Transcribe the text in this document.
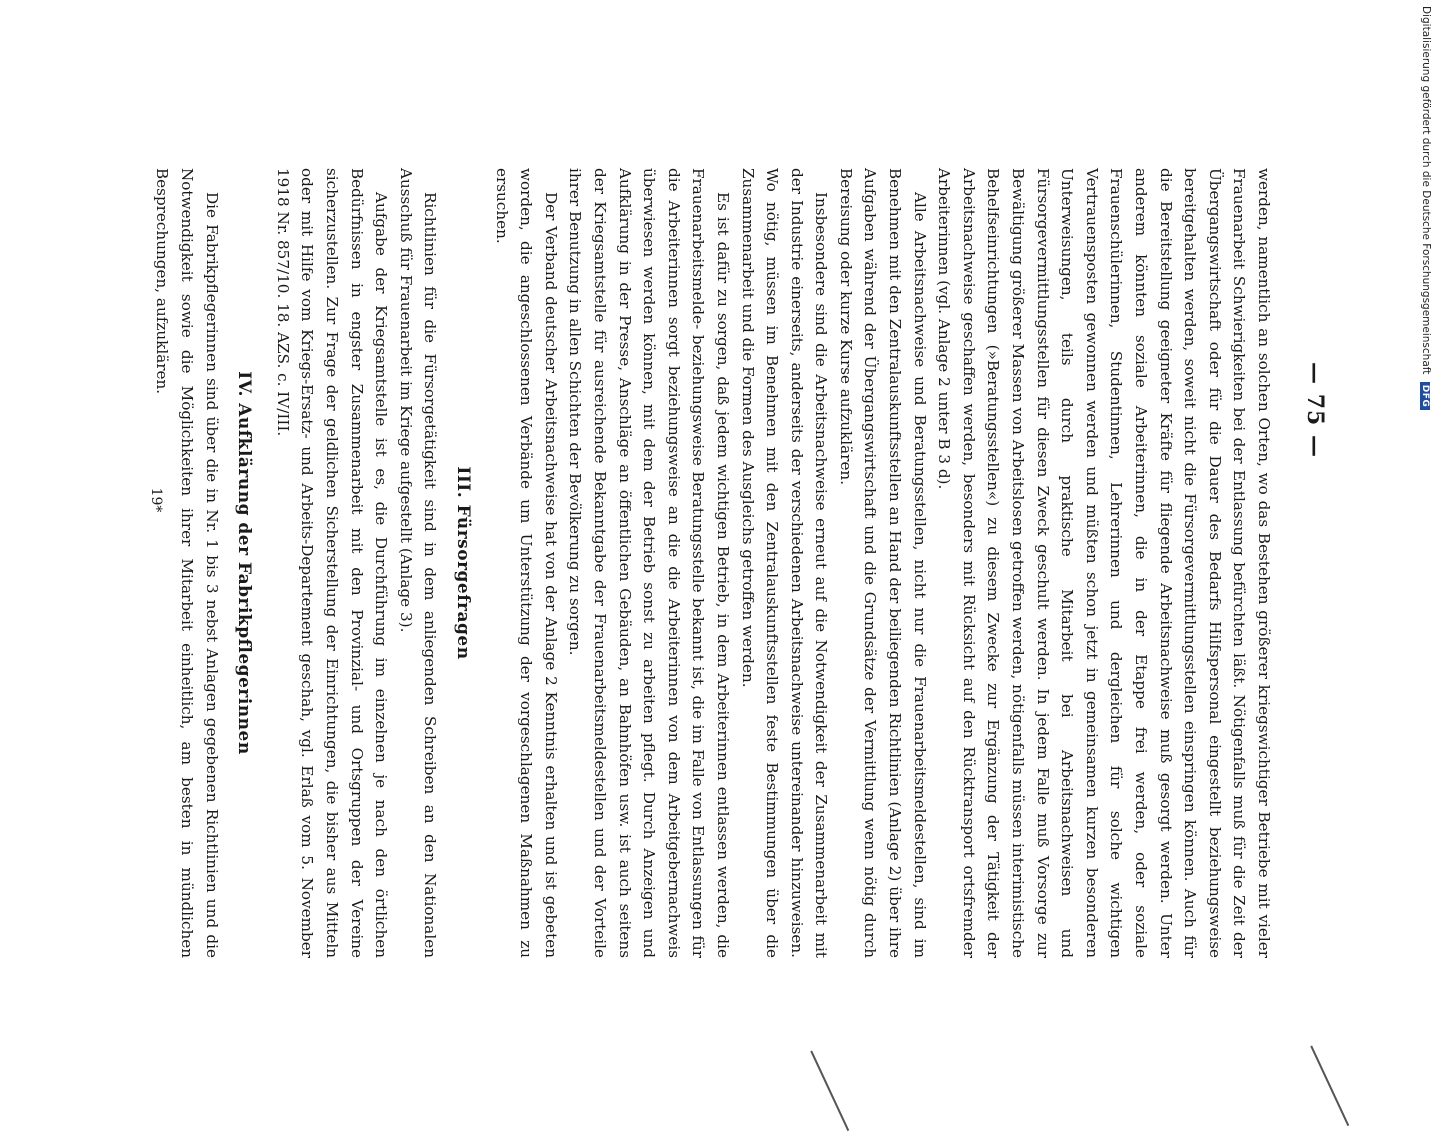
— 75 —

werden, namentlich an solchen Orten, wo das Bestehen größerer kriegswichtiger Betriebe mit vieler Frauenarbeit Schwierigkeiten bei der Entlassung befürchten läßt. Nötigenfalls muß für die Zeit der Übergangswirtschaft oder für die Dauer des Bedarfs Hilfspersonal eingestellt beziehungsweise bereitgehalten werden, soweit nicht die Fürsorgevermittlungsstellen einspringen können. Auch für die Bereitstellung geeigneter Kräfte für fliegende Arbeitsnachweise muß gesorgt werden. Unter anderem könnten soziale Arbeiterinnen, die in der Etappe frei werden, oder soziale Frauenschülerinnen, Studentinnen, Lehrerinnen und dergleichen für solche wichtigen Vertrauensposten gewonnen werden und müßten schon jetzt in gemeinsamen kurzen besonderen Unterweisungen, teils durch praktische Mitarbeit bei Arbeitsnachweisen und Fürsorgevermittlungsstellen für diesen Zweck geschult werden. In jedem Falle muß Vorsorge zur Bewältigung größerer Massen von Arbeitslosen getroffen werden, nötigenfalls müssen interimistische Behelfseinrichtungen (»Beratungsstellen«) zu diesem Zwecke zur Ergänzung der Tätigkeit der Arbeitsnachweise geschaffen werden, besonders mit Rücksicht auf den Rücktransport ortsfremder Arbeiterinnen (vgl. Anlage 2 unter B 3 d).

Alle Arbeitsnachweise und Beratungsstellen, nicht nur die Frauenarbeitsmeldestellen, sind im Benehmen mit den Zentralauskunftsstellen an Hand der beiliegenden Richtlinien (Anlage 2) über ihre Aufgaben während der Übergangswirtschaft und die Grundsätze der Vermittlung wenn nötig durch Bereisung oder kurze Kurse aufzuklären.

Insbesondere sind die Arbeitsnachweise erneut auf die Notwendigkeit der Zusammenarbeit mit der Industrie einerseits, anderseits der verschiedenen Arbeitsnachweise untereinander hinzuweisen. Wo nötig, müssen im Benehmen mit den Zentralauskunftsstellen feste Bestimmungen über die Zusammenarbeit und die Formen des Ausgleichs getroffen werden.

Es ist dafür zu sorgen, daß jedem wichtigen Betrieb, in dem Arbeiterinnen entlassen werden, die Frauenarbeitsmelde- beziehungsweise Beratungsstelle bekannt ist, die im Falle von Entlassungen für die Arbeiterinnen sorgt beziehungsweise an die die Arbeiterinnen von dem Arbeitgebernachweis überwiesen werden können, mit dem der Betrieb sonst zu arbeiten pflegt. Durch Anzeigen und Aufklärung in der Presse, Anschläge an öffentlichen Gebäuden, an Bahnhöfen usw. ist auch seitens der Kriegsamtstelle für ausreichende Bekanntgabe der Frauenarbeitsmeldestellen und der Vorteile ihrer Benutzung in allen Schichten der Bevölkerung zu sorgen.

Der Verband deutscher Arbeitsnachweise hat von der Anlage 2 Kenntnis erhalten und ist gebeten worden, die angeschlossenen Verbände um Unterstützung der vorgeschlagenen Maßnahmen zu ersuchen.

III. Fürsorgefragen

Richtlinien für die Fürsorgetätigkeit sind in dem anliegenden Schreiben an den Nationalen Ausschuß für Frauenarbeit im Kriege aufgestellt (Anlage 3).

Aufgabe der Kriegsamtstelle ist es, die Durchführung im einzelnen je nach den örtlichen Bedürfnissen in engster Zusammenarbeit mit den Provinzial- und Ortsgruppen der Vereine sicherzustellen. Zur Frage der geldlichen Sicherstellung der Einrichtungen, die bisher aus Mitteln oder mit Hilfe vom Kriegs-Ersatz- und Arbeits-Departement geschah, vgl. Erlaß vom 5. November 1918 Nr. 857/10. 18. AZS. c. IV/III.

IV. Aufklärung der Fabrikpflegerinnen

Die Fabrikpflegerinnen sind über die in Nr. 1 bis 3 nebst Anlagen gegebenen Richtlinien und die Notwendigkeit sowie die Möglichkeiten ihrer Mitarbeit einheitlich, am besten in mündlichen Besprechungen, aufzuklären.

19*
Digitalisierung gefördert durch die Deutsche Forschungsgemeinschaft DFG
